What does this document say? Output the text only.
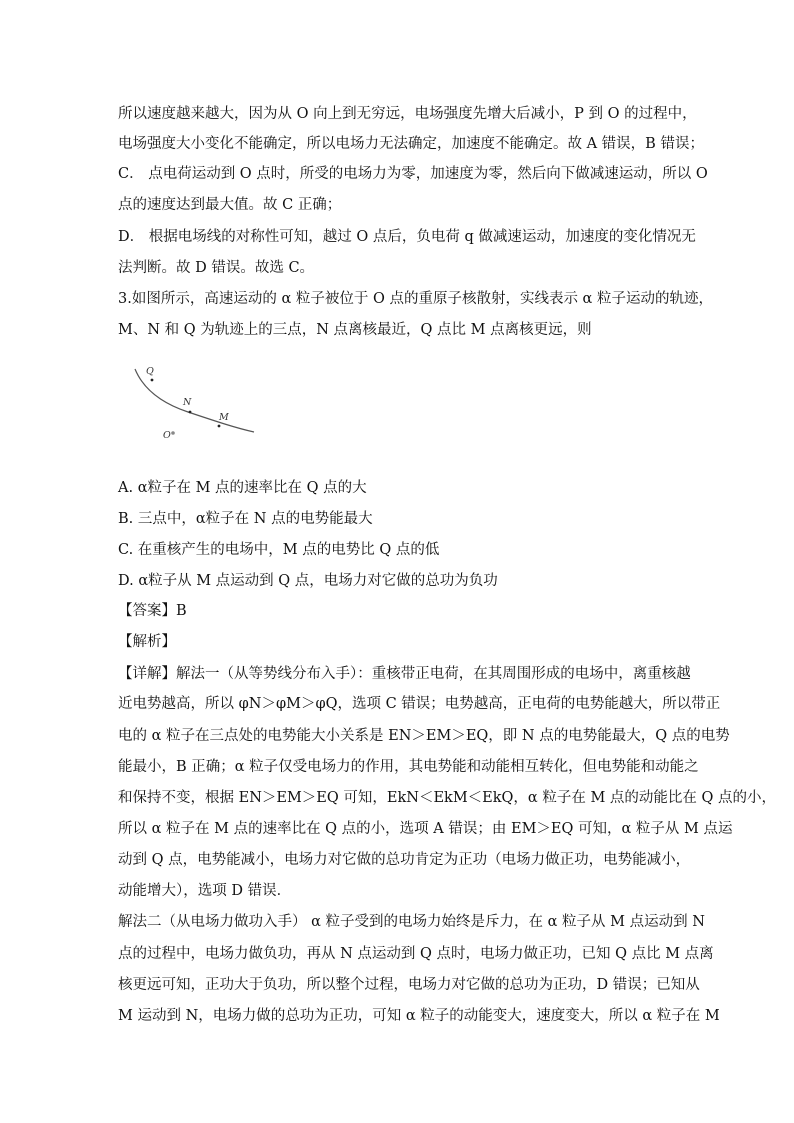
所以速度越来越大，因为从 O 向上到无穷远，电场强度先增大后减小，P 到 O 的过程中，
电场强度大小变化不能确定，所以电场力无法确定，加速度不能确定。故 A 错误，B 错误；
C． 点电荷运动到 O 点时，所受的电场力为零，加速度为零，然后向下做减速运动，所以 O
点的速度达到最大值。故 C 正确；
D． 根据电场线的对称性可知，越过 O 点后，负电荷 q 做减速运动，加速度的变化情况无
法判断。故 D 错误。故选 C。
3.如图所示，高速运动的 α 粒子被位于 O 点的重原子核散射，实线表示 α 粒子运动的轨迹，
M、N 和 Q 为轨迹上的三点，N 点离核最近，Q 点比 M 点离核更远，则
Q
N
M
O
A. α粒子在 M 点的速率比在 Q 点的大
B. 三点中，α粒子在 N 点的电势能最大
C. 在重核产生的电场中，M 点的电势比 Q 点的低
D. α粒子从 M 点运动到 Q 点，电场力对它做的总功为负功
【答案】B
【解析】
【详解】解法一（从等势线分布入手）：重核带正电荷，在其周围形成的电场中，离重核越
近电势越高，所以 φN＞φM＞φQ，选项 C 错误；电势越高，正电荷的电势能越大，所以带正
电的 α 粒子在三点处的电势能大小关系是 EN＞EM＞EQ，即 N 点的电势能最大，Q 点的电势
能最小，B 正确；α 粒子仅受电场力的作用，其电势能和动能相互转化，但电势能和动能之
和保持不变，根据 EN＞EM＞EQ 可知，EkN＜EkM＜EkQ，α 粒子在 M 点的动能比在 Q 点的小，
所以 α 粒子在 M 点的速率比在 Q 点的小，选项 A 错误；由 EM＞EQ 可知，α 粒子从 M 点运
动到 Q 点，电势能减小，电场力对它做的总功肯定为正功（电场力做正功，电势能减小，
动能增大），选项 D 错误．
解法二（从电场力做功入手） α 粒子受到的电场力始终是斥力，在 α 粒子从 M 点运动到 N
点的过程中，电场力做负功，再从 N 点运动到 Q 点时，电场力做正功，已知 Q 点比 M 点离
核更远可知，正功大于负功，所以整个过程，电场力对它做的总功为正功，D 错误；已知从
M 运动到 N，电场力做的总功为正功，可知 α 粒子的动能变大，速度变大，所以 α 粒子在 M
